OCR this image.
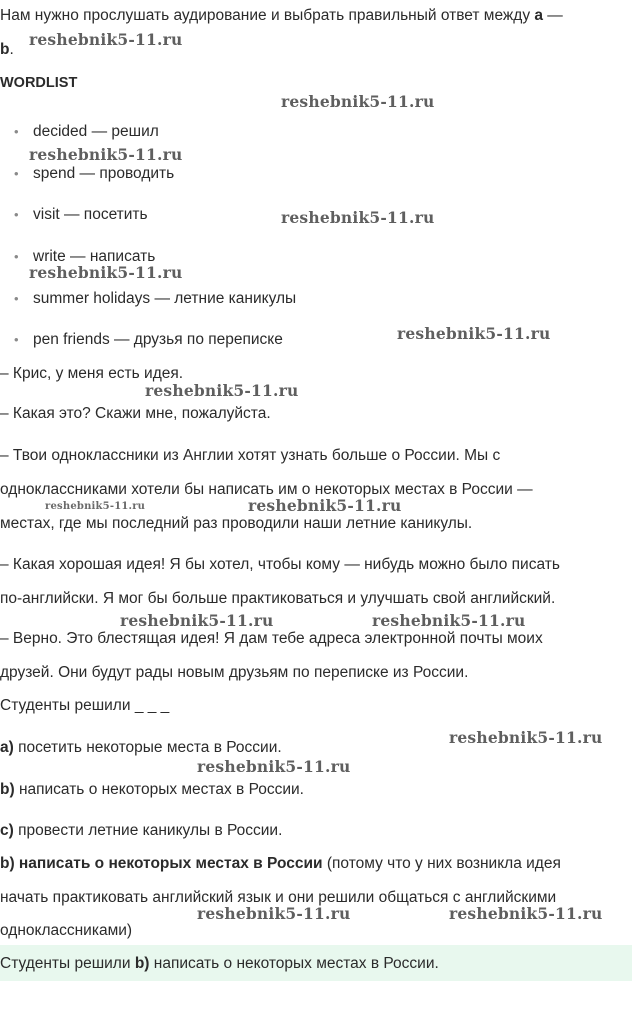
Нам нужно прослушать аудирование и выбрать правильный ответ между a —
b.
WORDLIST
• decided — решил
• spend — проводить
• visit — посетить
• write — написать
• summer holidays — летние каникулы
• pen friends — друзья по переписке
– Крис, у меня есть идея.
– Какая это? Скажи мне, пожалуйста.
– Твои одноклассники из Англии хотят узнать больше о России. Мы с
одноклассниками хотели бы написать им о некоторых местах в России —
местах, где мы последний раз проводили наши летние каникулы.
– Какая хорошая идея! Я бы хотел, чтобы кому — нибудь можно было писать
по-английски. Я мог бы больше практиковаться и улучшать свой английский.
– Верно. Это блестящая идея! Я дам тебе адреса электронной почты моих
друзей. Они будут рады новым друзьям по переписке из России.
Студенты решили _ _ _
a) посетить некоторые места в России.
b) написать о некоторых местах в России.
c) провести летние каникулы в России.
b) написать о некоторых местах в России (потому что у них возникла идея
начать практиковать английский язык и они решили общаться с английскими
одноклассниками)
Студенты решили b) написать о некоторых местах в России.
reshebnik5-11.ru
reshebnik5-11.ru
reshebnik5-11.ru
reshebnik5-11.ru
reshebnik5-11.ru
reshebnik5-11.ru
reshebnik5-11.ru
reshebnik5-11.ru
reshebnik5-11.ru
reshebnik5-11.ru	reshebnik5-11.ru
reshebnik5-11.ru
reshebnik5-11.ru
reshebnik5-11.ru	reshebnik5-11.ru
